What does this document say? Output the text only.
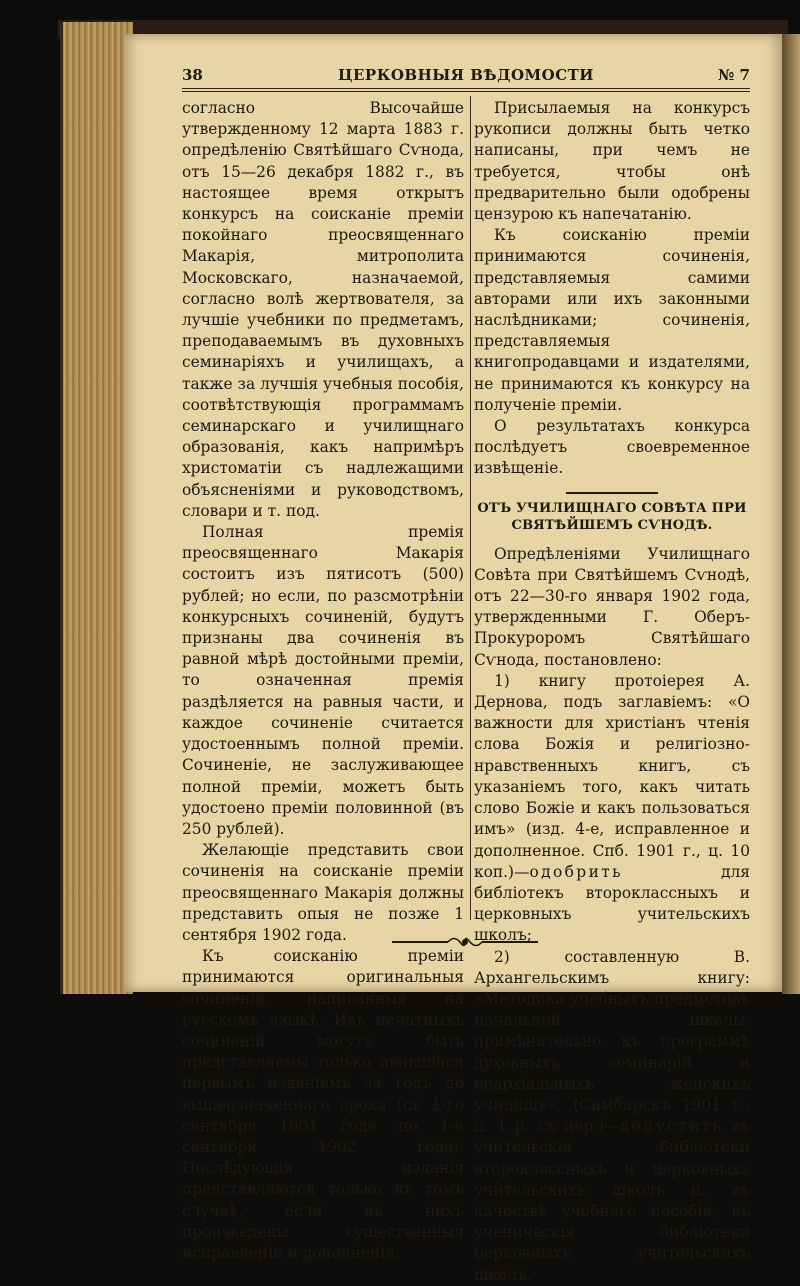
38	ЦЕРКОВНЫЯ ВѢДОМОСТИ	№ 7

согласно Высочайше утвержденному 12 марта 1883 г. опредѣленію Святѣйшаго Сѵнода, отъ 15—26 декабря 1882 г., въ настоящее время открытъ конкурсъ на соисканіе преміи покойнаго преосвященнаго Макарія, митрополита Московскаго, назначаемой, согласно волѣ жертвователя, за лучшіе учебники по предметамъ, преподаваемымъ въ духовныхъ семинаріяхъ и училищахъ, а также за лучшія учебныя пособія, соотвѣтствующія программамъ семинарскаго и училищнаго образованія, какъ напримѣръ христоматіи съ надлежащими объясненіями и руководствомъ, словари и т. под.

Полная премія преосвященнаго Макарія состоитъ изъ пятисотъ (500) рублей; но если, по разсмотрѣніи конкурсныхъ сочиненій, будутъ признаны два сочиненія въ равной мѣрѣ достойными преміи, то означенная премія раздѣляется на равныя части, и каждое сочиненіе считается удостоеннымъ полной преміи. Сочиненіе, не заслуживающее полной преміи, можетъ быть удостоено преміи половинной (въ 250 рублей).

Желающіе представить свои сочиненія на соисканіе преміи преосвященнаго Макарія должны представить опыя не позже 1 сентября 1902 года.

Къ соисканію преміи принимаются оригинальныя сочиненія, написанныя на русскомъ языкѣ. Изъ печатныхъ сочиненій могутъ быть представляемы только явившіяся первымъ изданіемъ за годъ до вышеозначеннаго срока (съ 1-го сентября 1901 года по 1-е сентября 1902 года). Послѣдующія изданія представляются только въ томъ случаѣ, если въ нихъ произведены существенныя исправленія и дополненія.

Присылаемыя на конкурсъ рукописи должны быть четко написаны, при чемъ не требуется, чтобы онѣ предварительно были одобрены цензурою къ напечатанію.

Къ соисканію преміи принимаются сочиненія, представляемыя самими авторами или ихъ законными наслѣдниками; сочиненія, представляемыя книгопродавцами и издателями, не принимаются къ конкурсу на полученіе преміи.

О результатахъ конкурса послѣдуетъ своевременное извѣщеніе.

ОТЪ УЧИЛИЩНАГО СОВѢТА ПРИ СВЯТѢЙШЕМЪ СѴНОДѢ.

Опредѣленіями Училищнаго Совѣта при Святѣйшемъ Сѵнодѣ, отъ 22—30-го января 1902 года, утвержденными Г. Оберъ-Прокуроромъ Святѣйшаго Сѵнода, постановлено:

1) книгу протоіерея А. Дернова, подъ заглавіемъ: «О важности для христіанъ чтенія слова Божія и религіозно-нравственныхъ книгъ, съ указаніемъ того, какъ читать слово Божіе и какъ пользоваться имъ» (изд. 4-е, исправленное и дополненное. Спб. 1901 г., ц. 10 коп.)—одобрить для библіотекъ второклассныхъ и церковныхъ учительскихъ школъ;

2) составленную В. Архангельскимъ книгу: «Методика учебныхъ предметовъ начальной школы, примѣнительно къ программѣ духовныхъ семинарій и епархіальныхъ женскихъ училищъ». (Симбирскъ 1901 г., ц. 1 р. съ пер.)—допустить въ учительскія библіотеки второклассныхъ и церковныхъ учительскихъ школъ и, въ качествѣ учебнаго пособія, въ ученическія библіотеки церковныхъ учительскихъ школъ.
